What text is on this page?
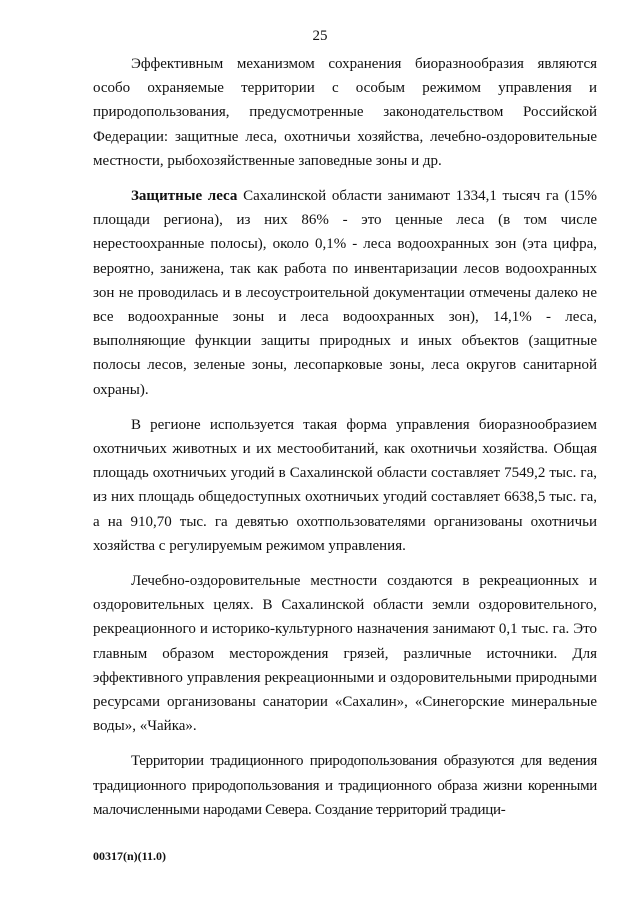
25

Эффективным механизмом сохранения биоразнообразия являются особо охраняемые территории с особым режимом управления и природопользования, предусмотренные законодательством Российской Федерации: защитные леса, охотничьи хозяйства, лечебно-оздоровительные местности, рыбохозяйственные заповедные зоны и др.

Защитные леса Сахалинской области занимают 1334,1 тысяч га (15% площади региона), из них 86% - это ценные леса (в том числе нерестоохранные полосы), около 0,1% - леса водоохранных зон (эта цифра, вероятно, занижена, так как работа по инвентаризации лесов водоохранных зон не проводилась и в лесоустроительной документации отмечены далеко не все водоохранные зоны и леса водоохранных зон), 14,1% - леса, выполняющие функции защиты природных и иных объектов (защитные полосы лесов, зеленые зоны, лесопарковые зоны, леса округов санитарной охраны).

В регионе используется такая форма управления биоразнообразием охотничьих животных и их местообитаний, как охотничьи хозяйства. Общая площадь охотничьих угодий в Сахалинской области составляет 7549,2 тыс. га, из них площадь общедоступных охотничьих угодий составляет 6638,5 тыс. га, а на 910,70 тыс. га девятью охотпользователями организованы охотничьи хозяйства с регулируемым режимом управления.

Лечебно-оздоровительные местности создаются в рекреационных и оздоровительных целях. В Сахалинской области земли оздоровительного, рекреационного и историко-культурного назначения занимают 0,1 тыс. га. Это главным образом месторождения грязей, различные источники. Для эффективного управления рекреационными и оздоровительными природными ресурсами организованы санатории «Сахалин», «Синегорские минеральные воды», «Чайка».

Территории традиционного природопользования образуются для ведения традиционного природопользования и традиционного образа жизни коренными малочисленными народами Севера. Создание территорий традици-

00317(n)(11.0)
